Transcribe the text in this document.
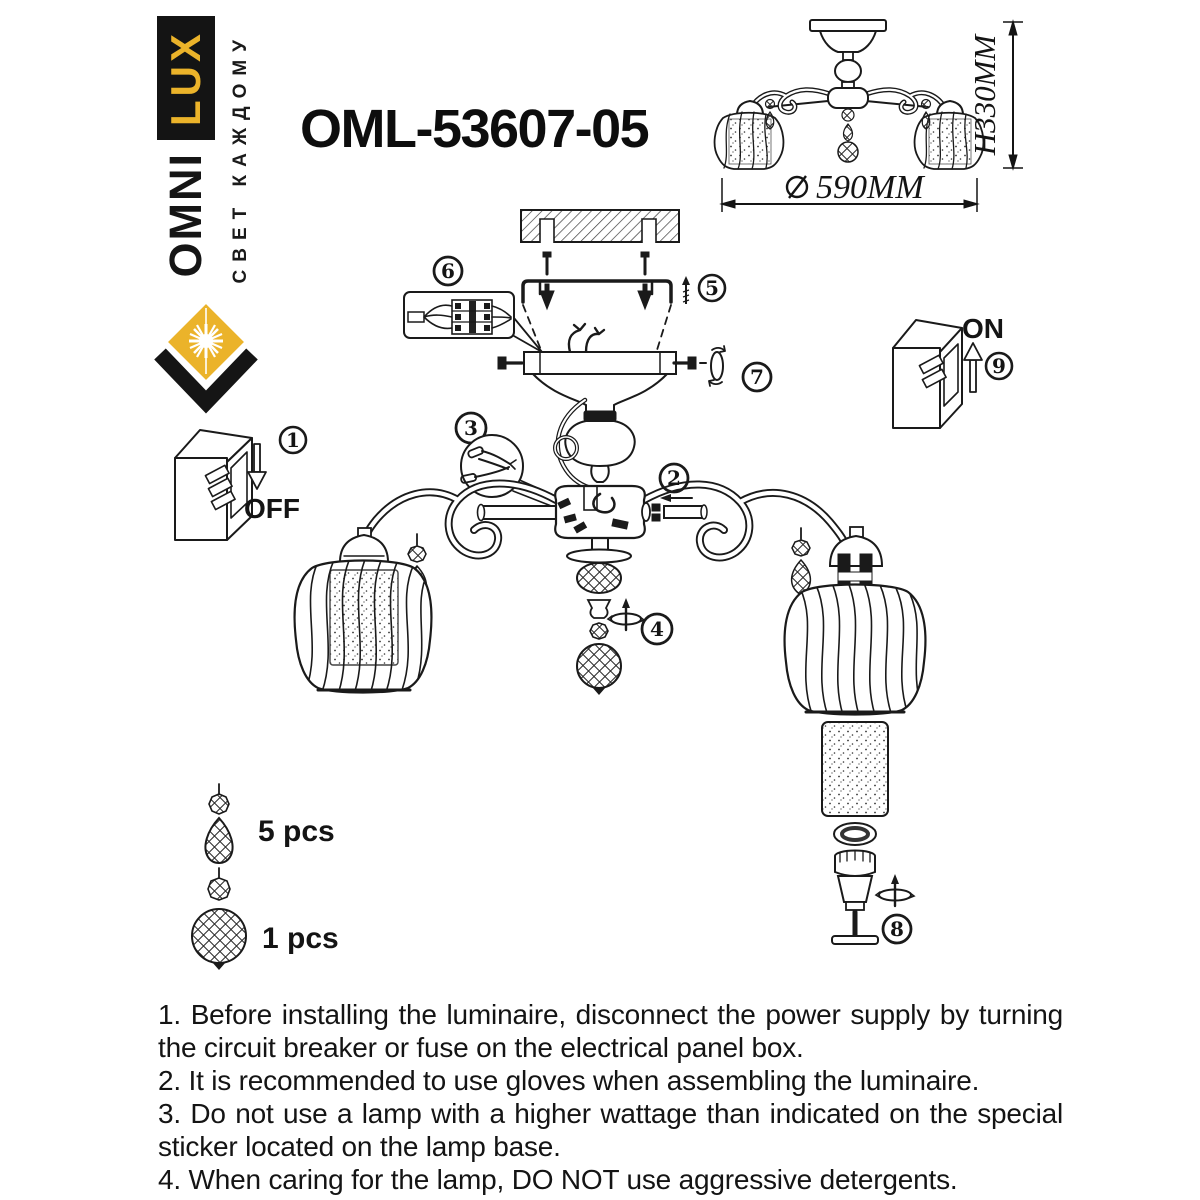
LUX
OMNI СВЕТ КАЖДОМУ OML-53607-05	H330MM
590MM
5
6
7
3
2
4
8
1
OFF
9
ON
5 pcs
1 pcs

1. Before installing the luminaire, disconnect the power supply by turning the circuit breaker or fuse on the electrical panel box.

2. It is recommended to use gloves when assembling the luminaire.

3. Do not use a lamp with a higher wattage than indicated on the special sticker located on the lamp base.

4. When caring for the lamp, DO NOT use aggressive detergents.
